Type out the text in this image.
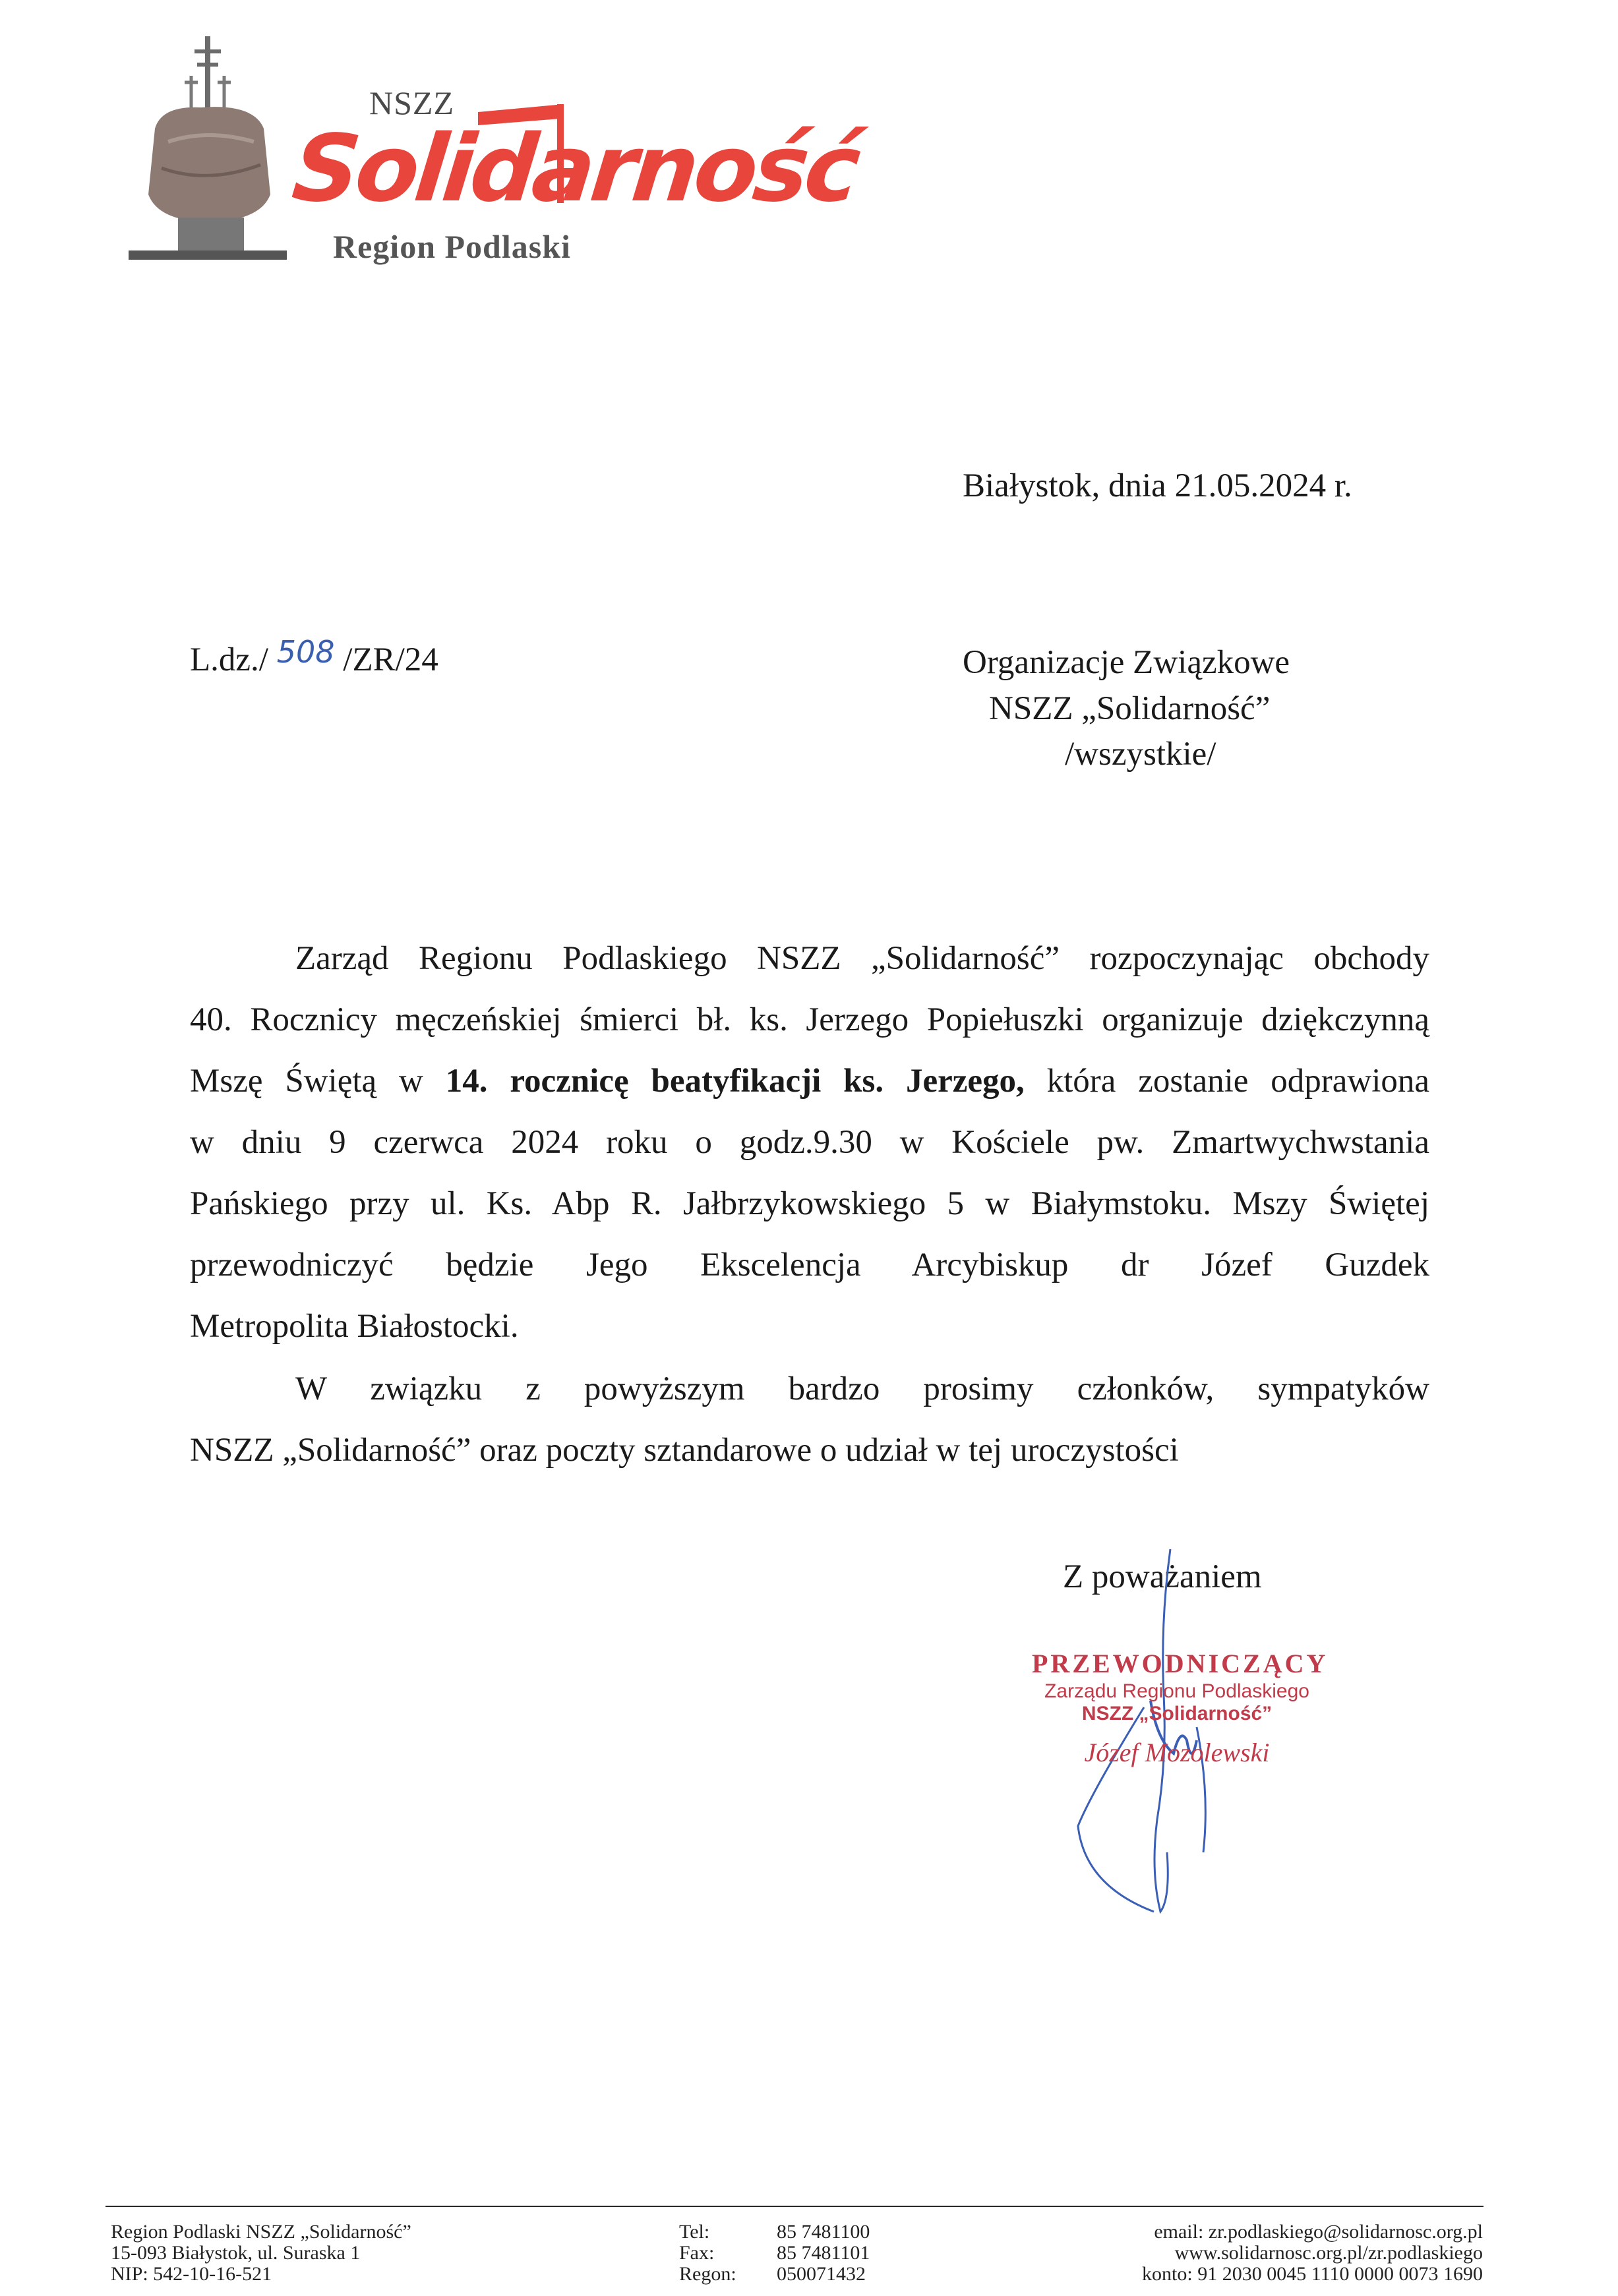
NSZZ
Solidarność
Region Podlaski
Białystok, dnia 21.05.2024 r.
L.dz./ 508 /ZR/24	Organizacje Związkowe
NSZZ „Solidarność”
/wszystkie/
Zarząd Regionu Podlaskiego NSZZ „Solidarność” rozpoczynając obchody
40. Rocznicy męczeńskiej śmierci bł. ks. Jerzego Popiełuszki organizuje dziękczynną
Mszę Świętą w 14. rocznicę beatyfikacji ks. Jerzego, która zostanie odprawiona
w dniu 9 czerwca 2024 roku o godz.9.30 w Kościele pw. Zmartwychwstania
Pańskiego przy ul. Ks. Abp R. Jałbrzykowskiego 5 w Białymstoku. Mszy Świętej
przewodniczyć będzie Jego Ekscelencja Arcybiskup dr Józef Guzdek
Metropolita Białostocki.
W związku z powyższym bardzo prosimy członków, sympatyków
NSZZ „Solidarność” oraz poczty sztandarowe o udział w tej uroczystości
Z poważaniem
PRZEWODNICZĄCY
Zarządu Regionu Podlaskiego
NSZZ „Solidarność”
Józef Mozolewski
Region Podlaski NSZZ „Solidarność”
15-093 Białystok, ul. Suraska 1
NIP: 542-10-16-521
Tel:
Fax:
Regon:
85 7481100
85 7481101
050071432
email: zr.podlaskiego@solidarnosc.org.pl
www.solidarnosc.org.pl/zr.podlaskiego
konto: 91 2030 0045 1110 0000 0073 1690
